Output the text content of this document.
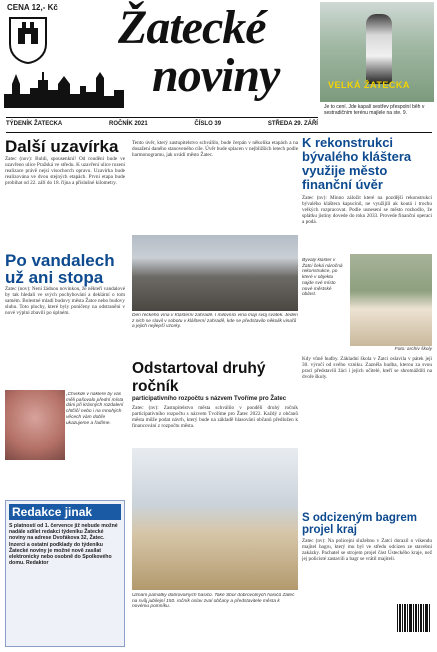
CENA 12,- Kč Žatecké
noviny	VELKÁ ŽATECKA
Je to cení. Jde kapalí sestřev přespolní běh v sestradičním terénu majlele na ste. 9.
TÝDENÍK ŽATECKA	ROČNÍK 2021	ČÍSLO 39	STŘEDA 29. ZÁŘÍ
Další uzavírka
Žatec (nov): Buldi, spousenkní! Od roudění bude ve uzavřeno ulice Pražská ve středu. K uzavření ulice rození realizace právě nejsí visochorch opravu. Uzavírka bude realizována ve dvou stejných etapách. První etapa bude probíhat od 22. září do 18. října a příslušné kilometry.
Po vandalech už ani stopa
Žatec (nov): Není žádnou novinkou, že někteří vandalové by tak hledali ve svých pochybování a deklární o tom samém. Bolestné mladí budovy města Žatce nebo budovy sluhu. Toto plochy, které byly poničeny na odstranění v nové výplni zbavili po úplném.
„Chvíkde v nákleře by vás měli pašovalo přední místa dáni při krásných rozdalení chtčičí nebo i na mnohých věcech vám dobře ukazujeme a řadíme.
Redakce jinak
S platností od 1. července již nebude možné nadále sdílet redakci týdeníku Žatecké noviny na adrese Dvořákova 32, Žatec. Inzerci a ostatní podklady do týdeníku Žatecké noviny je možné nově zasílat elektronicky nebo osobně do Spolkového domu. Redaktor
Tento úvěr, který zastupitelstvo schválilo, bude čerpán v několika etapách a na dosažení daného stanoveného cíle. Úvěr bude splacen v nejbližších letech podle harmonogramu, jak uvádí město Žatec.
Den řeckého vína v Klášterní zahradě. I milovníci vína mají svůj svátek. Jeden z nich se slavil v sobotu v klášterní zahradě, kde se představilo několik vinařů a jejich nejlepší vzorky.
Odstartoval druhý ročník
participativního rozpočtu s názvem Tvoříme pro Žatec
Žatec (nv): Zastupitelstvo města schválilo v pondělí druhý ročník participativního rozpočtu s názvem Tvoříme pro Žatec 2022. Každý z občanů města může podat návrh, který bude na základě hlasování občanů předložen k financování z rozpočtu města.
Uznání památky dobrovolných hasičů. Také Sbor dobrovolných hasičů Žatec na svůj jubilejní 150. ročník oslav zval občany a představitele města k novému pomníku.
K rekonstrukci bývalého kláštera využije město finanční úvěr
Žatec (nv): Minno záložit které na pozdější rekonstrukcí bývalého kláštera kapucínů, ne využijíli ak koutá i trochu velkých rozpracovat. Podle usnesení se město rozhodlo, že splátku jistiny dovede do roku 2033. Provede finanční operaci a podá.
Bývalý klášter v Žatci čeká náročná rekonstrukce, po které v objektu najde své místo nové městské oblast.
Foto: archiv školy
Kdy vůně hudby. Základní škola v Žatci oslavila v pátek její 30. výročí od svého vzniku. Zazněla hudba, kterou za svou prací představili žáci i jejich učitelé, kteří se shromáždili na dvoře školy.
S odcizeným bagrem projel kraj
Žatec (nv): Na policejní služebnu v Žatci dorazil o víkendu majitel bagru, který mu byl ve středu odcizen ze stavební zakázky. Pachatel se strojem projel část Ústeckého kraje, než jej policisté zastavili a bagr se vrátil majiteli.
